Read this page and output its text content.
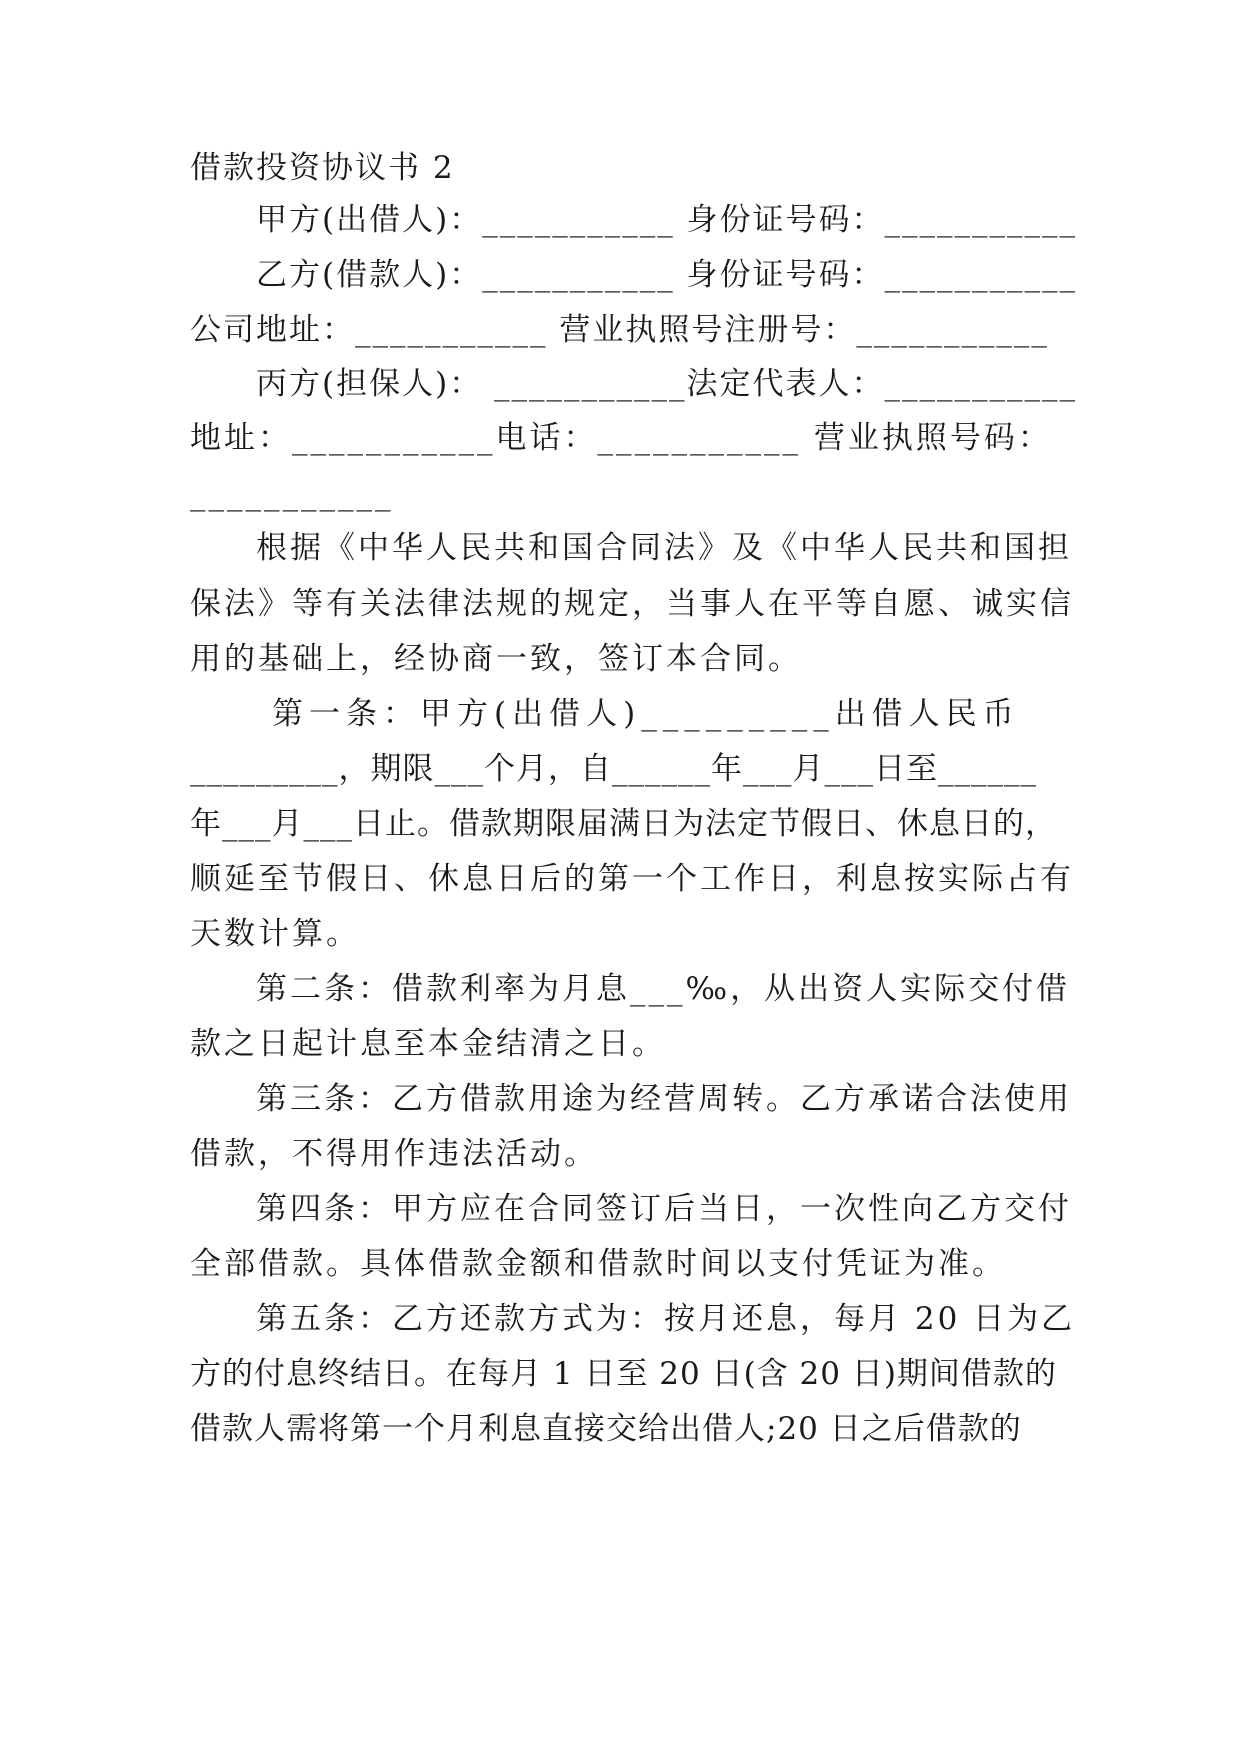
借款投资协议书 2
甲方(出借人)：___________ 身份证号码：___________
乙方(借款人)：___________ 身份证号码：___________
公司地址：___________ 营业执照号注册号：___________
丙方(担保人)： ___________法定代表人：___________
地址：___________电话：___________ 营业执照号码：
___________
根据《中华人民共和国合同法》及《中华人民共和国担
保法》等有关法律法规的规定，当事人在平等自愿、诚实信
用的基础上，经协商一致，签订本合同。
第一条：甲方(出借人)_________出借人民币
_________，期限___个月，自______年___月___日至______
年___月___日止。借款期限届满日为法定节假日、休息日的，
顺延至节假日、休息日后的第一个工作日，利息按实际占有
天数计算。
第二条：借款利率为月息___‰，从出资人实际交付借
款之日起计息至本金结清之日。
第三条：乙方借款用途为经营周转。乙方承诺合法使用
借款，不得用作违法活动。
第四条：甲方应在合同签订后当日，一次性向乙方交付
全部借款。具体借款金额和借款时间以支付凭证为准。
第五条：乙方还款方式为：按月还息，每月 20 日为乙
方的付息终结日。在每月 1 日至 20 日(含 20 日)期间借款的
借款人需将第一个月利息直接交给出借人;20 日之后借款的
